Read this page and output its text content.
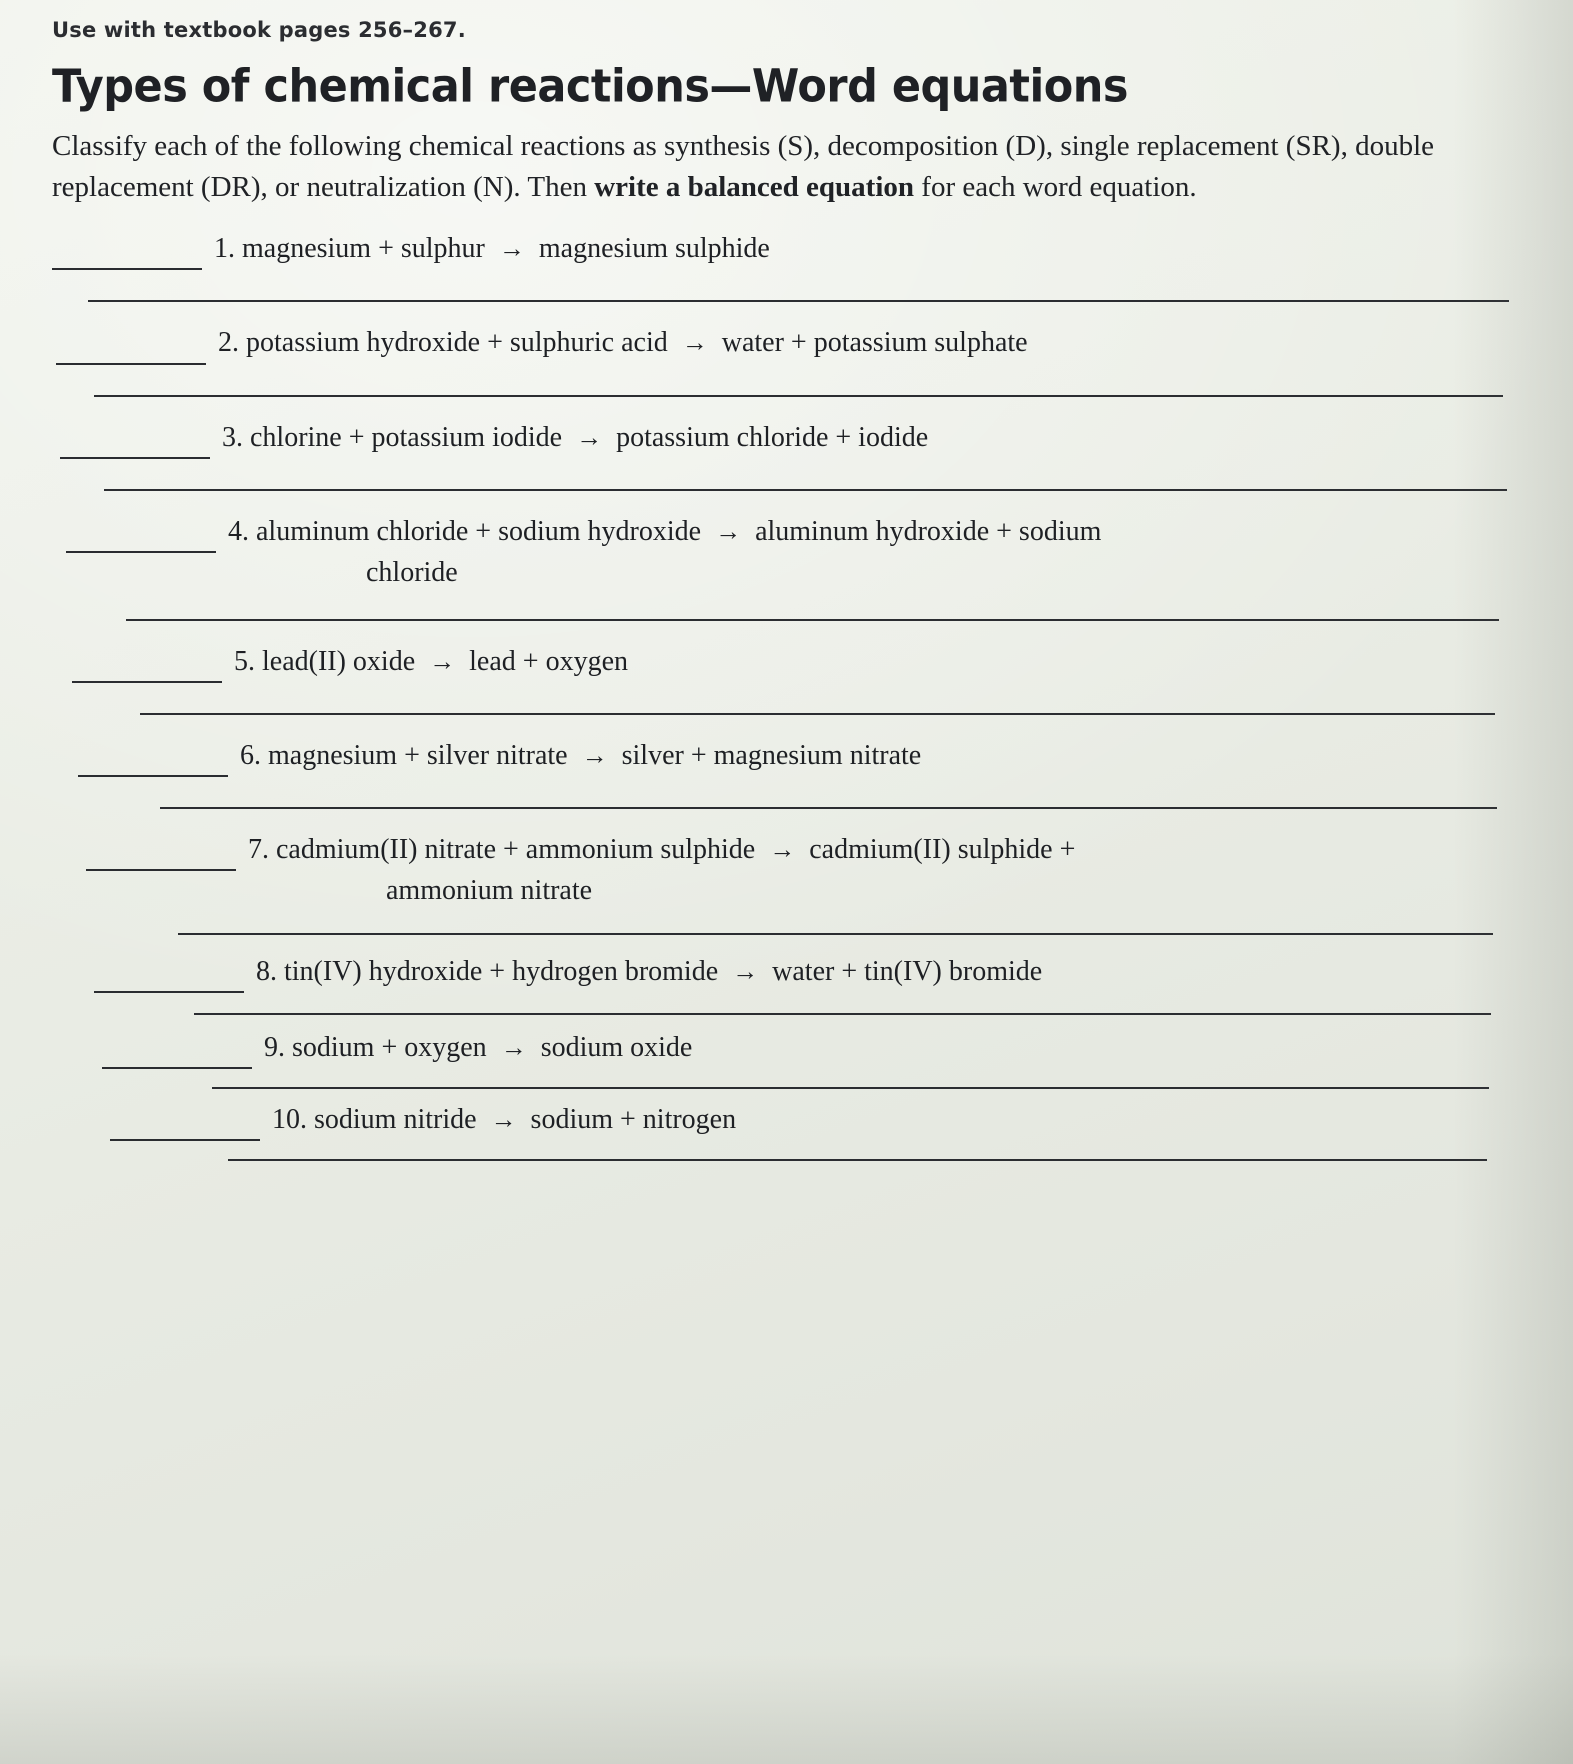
Use with textbook pages 256–267.
Types of chemical reactions—Word equations

Classify each of the following chemical reactions as synthesis (S), decomposition (D), single replacement (SR), double replacement (DR), or neutralization (N). Then write a balanced equation for each word equation.

1. magnesium + sulphur → magnesium sulphide
2. potassium hydroxide + sulphuric acid → water + potassium sulphate
3. chlorine + potassium iodide → potassium chloride + iodide
4. aluminum chloride + sodium hydroxide → aluminum hydroxide + sodium
chloride
5. lead(II) oxide → lead + oxygen
6. magnesium + silver nitrate → silver + magnesium nitrate
7. cadmium(II) nitrate + ammonium sulphide → cadmium(II) sulphide +
ammonium nitrate
8. tin(IV) hydroxide + hydrogen bromide → water + tin(IV) bromide
9. sodium + oxygen → sodium oxide
10. sodium nitride → sodium + nitrogen
